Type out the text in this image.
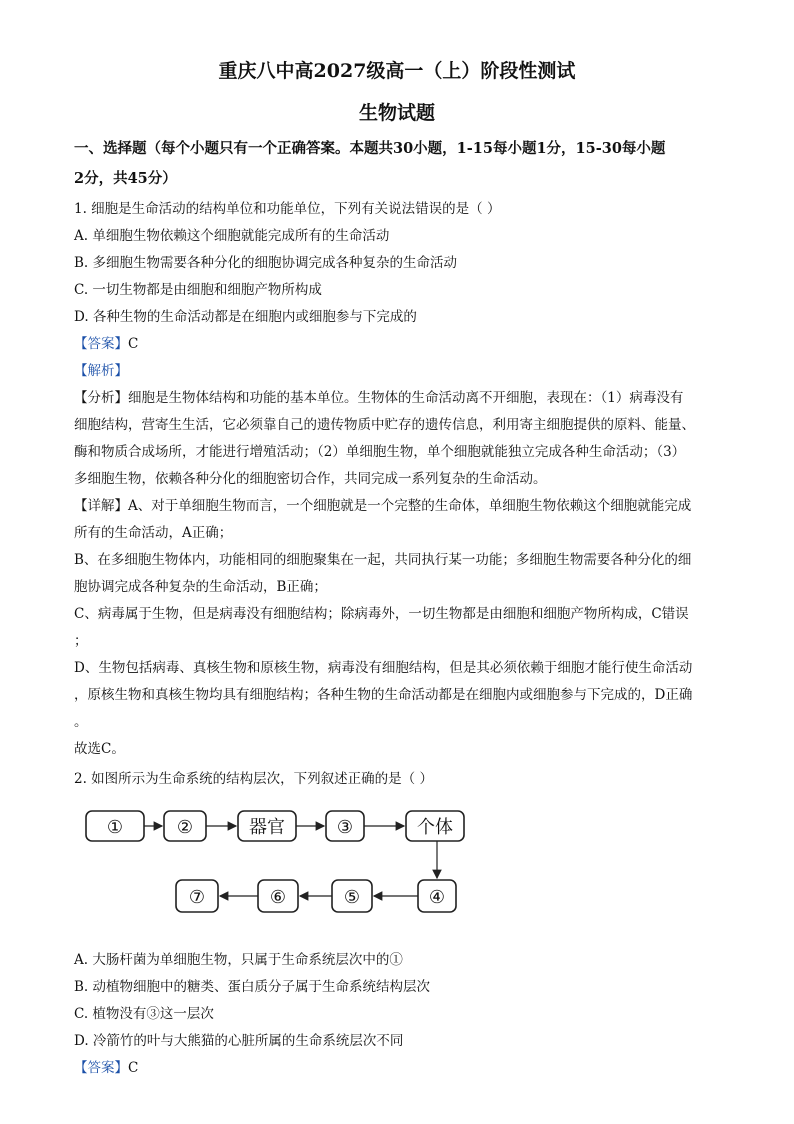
重庆八中高2027级高一（上）阶段性测试
生物试题
一、选择题（每个小题只有一个正确答案。本题共30小题，1-15每小题1分，15-30每小题
2分，共45分）
1. 细胞是生命活动的结构单位和功能单位，下列有关说法错误的是（ ）
A. 单细胞生物依赖这个细胞就能完成所有的生命活动
B. 多细胞生物需要各种分化的细胞协调完成各种复杂的生命活动
C. 一切生物都是由细胞和细胞产物所构成
D. 各种生物的生命活动都是在细胞内或细胞参与下完成的
【答案】C
【解析】
【分析】细胞是生物体结构和功能的基本单位。生物体的生命活动离不开细胞，表现在：（1）病毒没有
细胞结构，营寄生生活，它必须靠自己的遗传物质中贮存的遗传信息，利用寄主细胞提供的原料、能量、
酶和物质合成场所，才能进行增殖活动；（2）单细胞生物，单个细胞就能独立完成各种生命活动；（3）
多细胞生物，依赖各种分化的细胞密切合作，共同完成一系列复杂的生命活动。
【详解】A、对于单细胞生物而言，一个细胞就是一个完整的生命体，单细胞生物依赖这个细胞就能完成
所有的生命活动，A正确；
B、在多细胞生物体内，功能相同的细胞聚集在一起，共同执行某一功能；多细胞生物需要各种分化的细
胞协调完成各种复杂的生命活动，B正确；
C、病毒属于生物，但是病毒没有细胞结构；除病毒外，一切生物都是由细胞和细胞产物所构成，C错误
；
D、生物包括病毒、真核生物和原核生物，病毒没有细胞结构，但是其必须依赖于细胞才能行使生命活动
，原核生物和真核生物均具有细胞结构；各种生物的生命活动都是在细胞内或细胞参与下完成的，D正确
。
故选C。
2. 如图所示为生命系统的结构层次，下列叙述正确的是（ ）
①	②	器官	③	个体
④
⑤
⑥
⑦
A. 大肠杆菌为单细胞生物，只属于生命系统层次中的①
B. 动植物细胞中的糖类、蛋白质分子属于生命系统结构层次
C. 植物没有③这一层次
D. 冷箭竹的叶与大熊猫的心脏所属的生命系统层次不同
【答案】C
